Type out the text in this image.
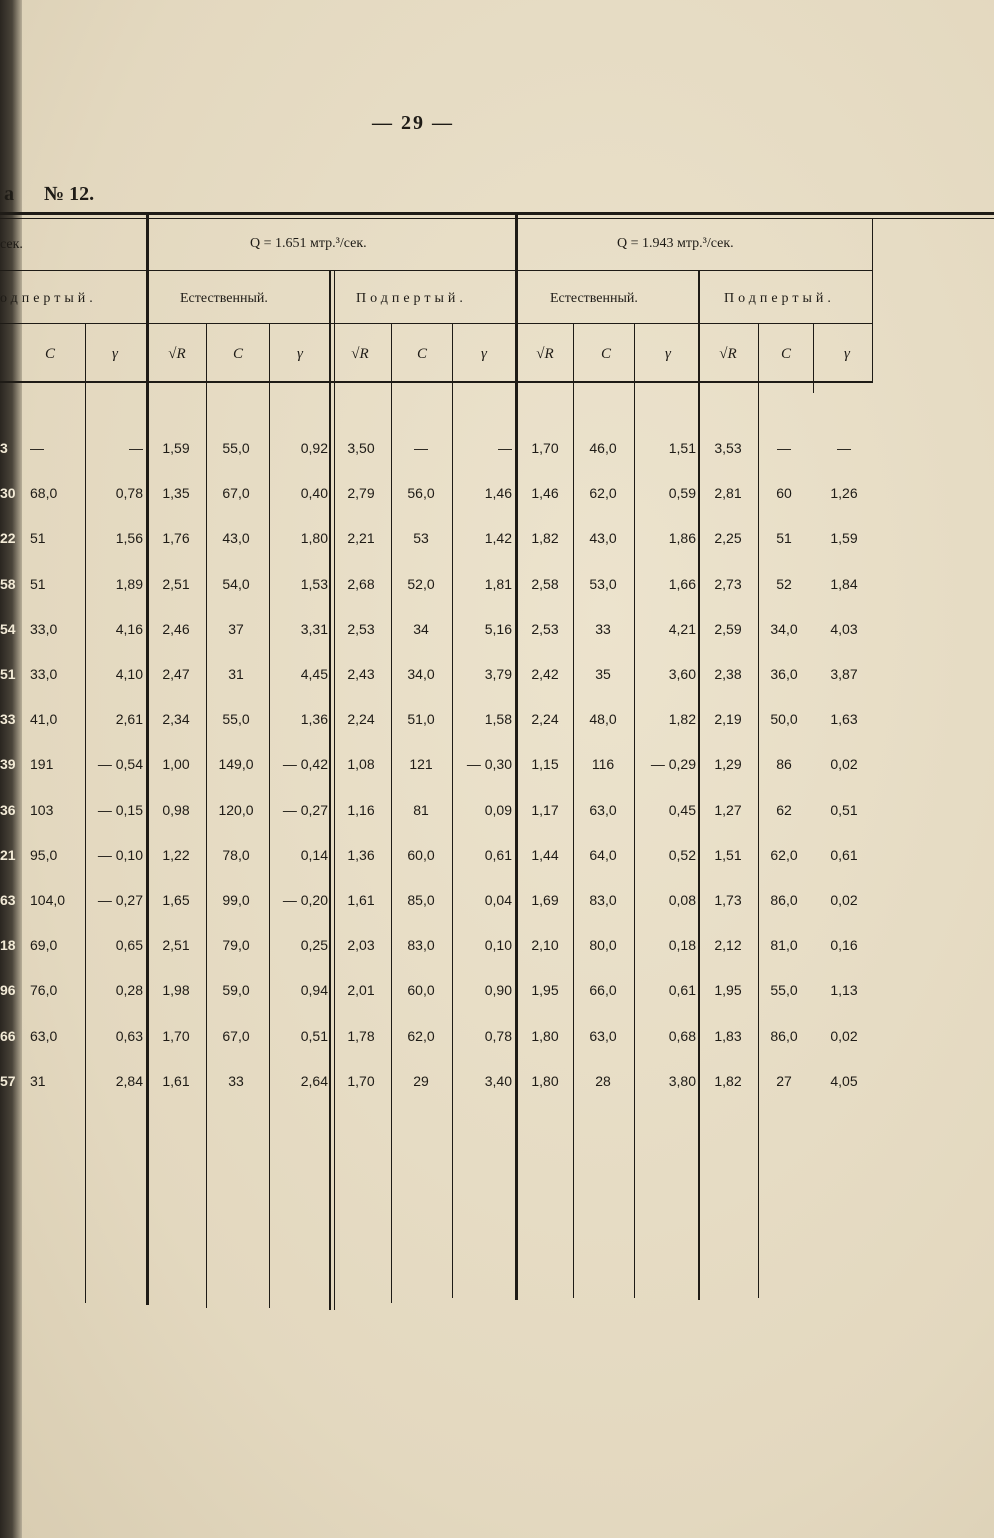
— 29 —
a № 12.
сек.	Q = 1.651 мтр.³/сек.	Q = 1.943 мтр.³/сек.
одпертый.	Естественный.	Подпертый.	Естественный.	Подпертый.
C	γ	√R	C	γ	√R	C	γ	√R	C	γ	√R	C	γ
3	—	—	1,59	55,0	0,92	3,50	—	—	1,70	46,0	1,51	3,53	—	—
30 68,0	0,78	1,35	67,0	0,40	2,79	56,0	1,46	1,46	62,0	0,59	2,81	60	1,26
22 51	1,56	1,76	43,0	1,80	2,21	53	1,42	1,82	43,0	1,86	2,25	51	1,59
58 51	1,89	2,51	54,0	1,53	2,68	52,0	1,81	2,58	53,0	1,66	2,73	52	1,84
54 33,0	4,16	2,46	37	3,31	2,53	34	5,16	2,53	33	4,21	2,59	34,0	4,03
51 33,0	4,10	2,47	31	4,45	2,43	34,0	3,79	2,42	35	3,60	2,38	36,0	3,87
33 41,0	2,61	2,34	55,0	1,36	2,24	51,0	1,58	2,24	48,0	1,82	2,19	50,0	1,63
39 191	— 0,54	1,00	149,0	— 0,42	1,08	121	— 0,30	1,15	116	— 0,29	1,29	86	0,02
36 103	— 0,15	0,98	120,0	— 0,27	1,16	81	0,09	1,17	63,0	0,45	1,27	62	0,51
21 95,0	— 0,10	1,22	78,0	0,14	1,36	60,0	0,61	1,44	64,0	0,52	1,51	62,0	0,61
63 104,0	— 0,27	1,65	99,0	— 0,20	1,61	85,0	0,04	1,69	83,0	0,08	1,73	86,0	0,02
18 69,0	0,65	2,51	79,0	0,25	2,03	83,0	0,10	2,10	80,0	0,18	2,12	81,0	0,16
96 76,0	0,28	1,98	59,0	0,94	2,01	60,0	0,90	1,95	66,0	0,61	1,95	55,0	1,13
66 63,0	0,63	1,70	67,0	0,51	1,78	62,0	0,78	1,80	63,0	0,68	1,83	86,0	0,02
57 31	2,84	1,61	33	2,64	1,70	29	3,40	1,80	28	3,80	1,82	27	4,05
